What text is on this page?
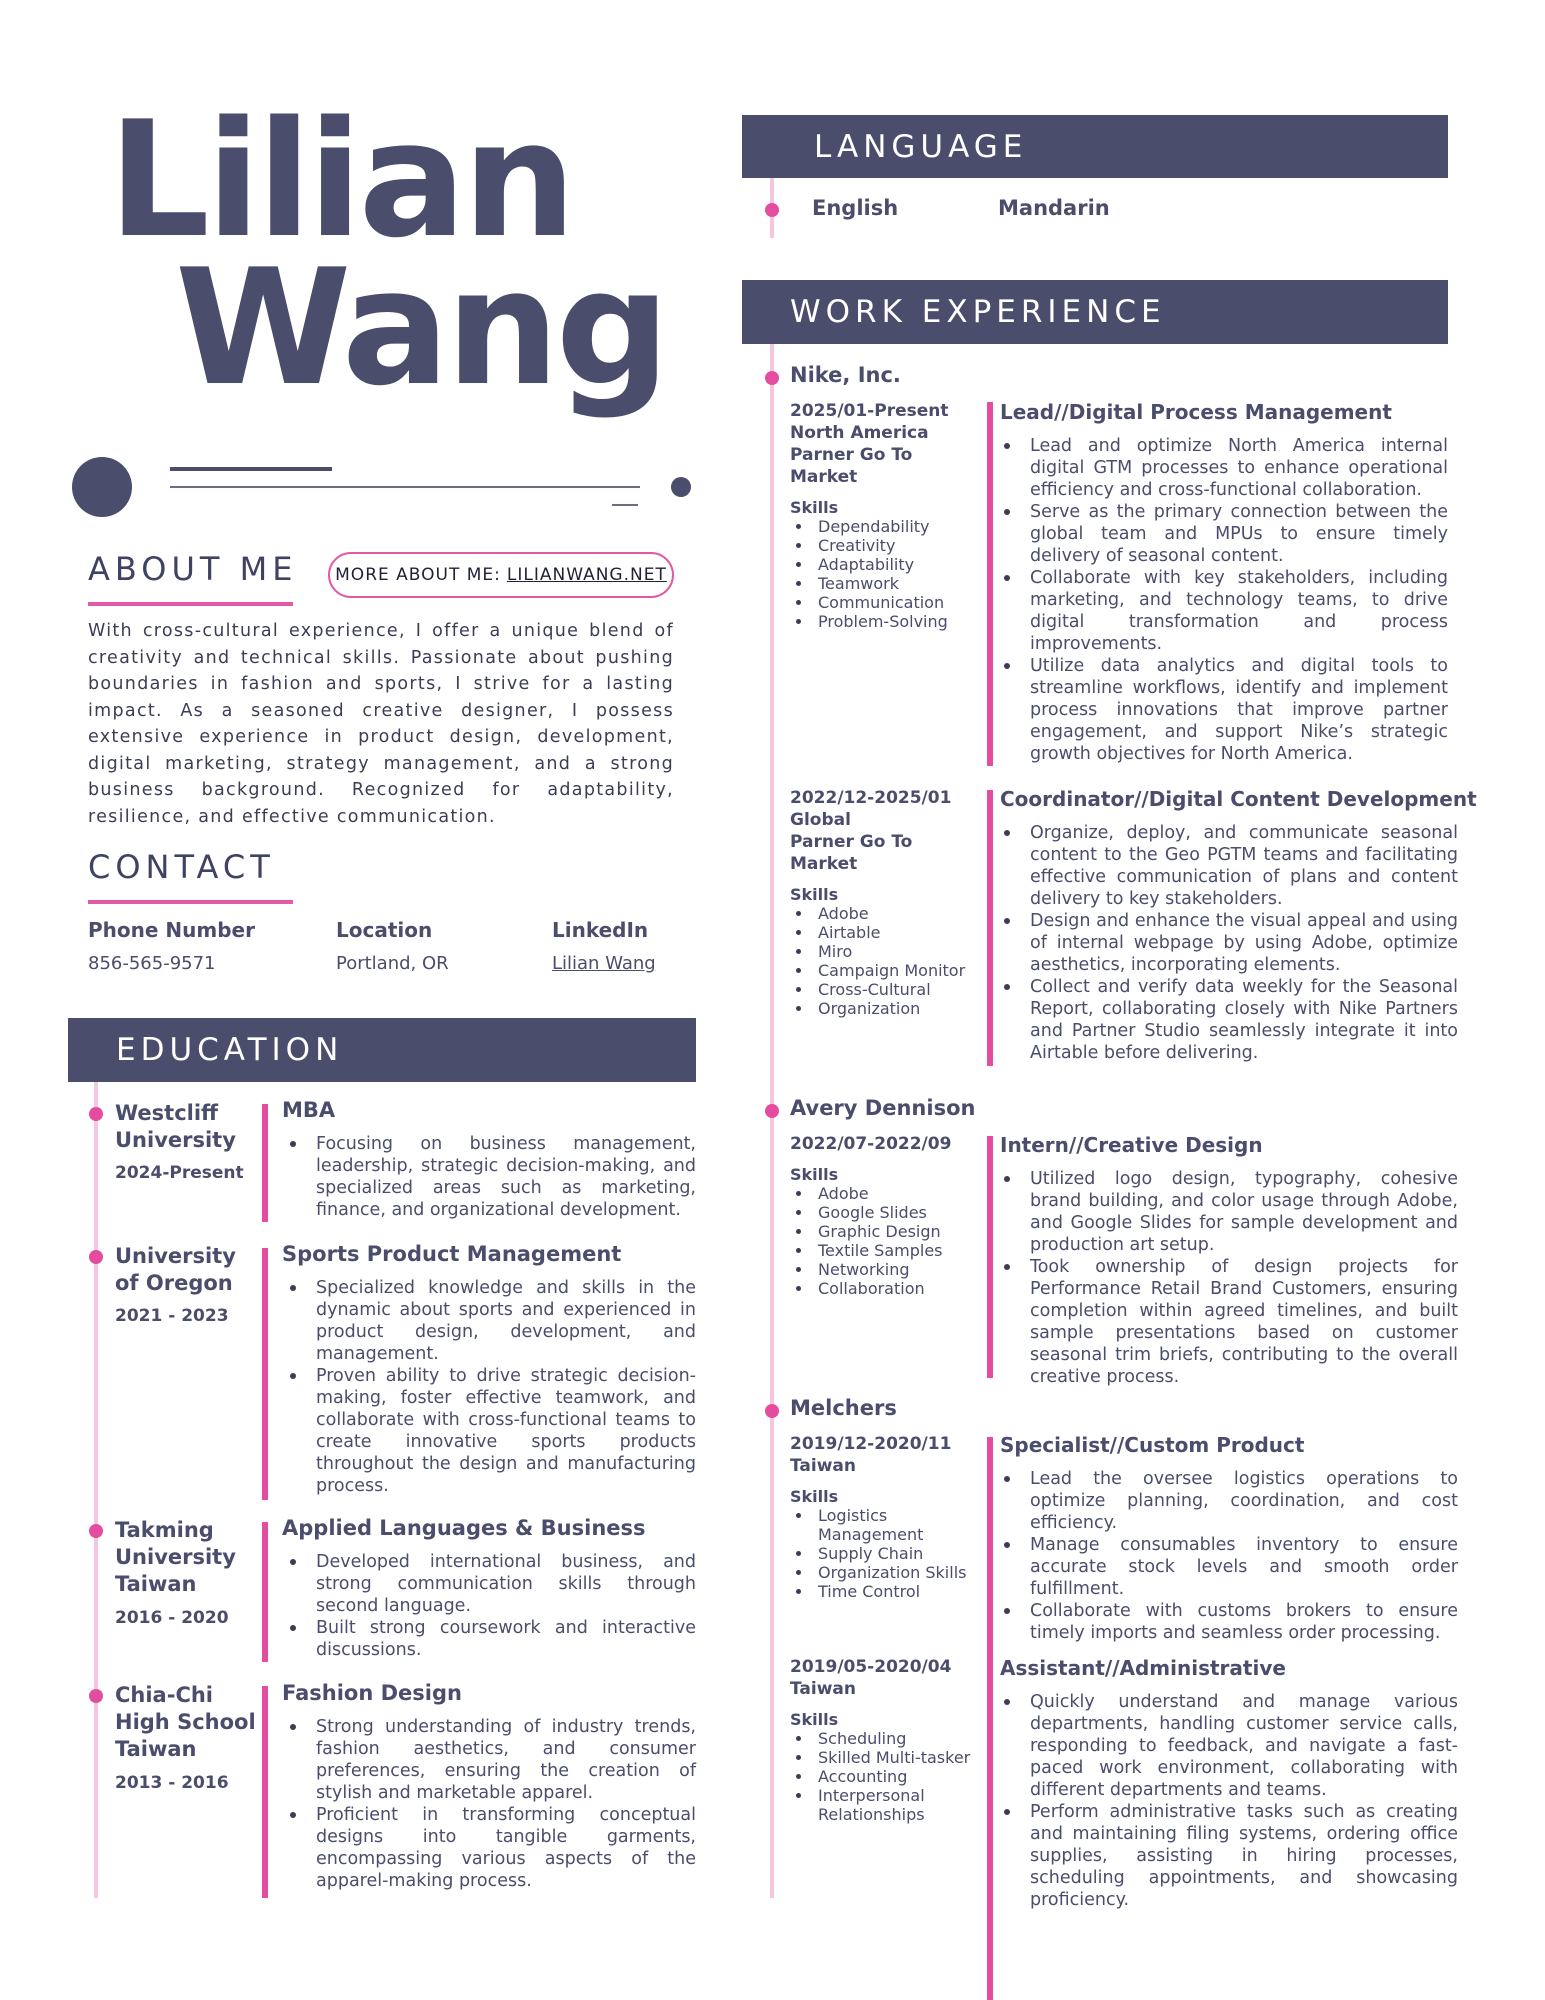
Lilian
Wang
ABOUT ME MORE ABOUT ME: LILIANWANG.NET
With cross-cultural experience, I offer a unique blend of creativity and technical skills. Passionate about pushing boundaries in fashion and sports, I strive for a lasting impact. As a seasoned creative designer, I possess extensive experience in product design, development, digital marketing, strategy management, and a strong business background. Recognized for adaptability, resilience, and effective communication.
CONTACT
Phone Number
856-565-9571
Location
Portland, OR
LinkedIn
Lilian Wang
EDUCATION
Westcliff University
2024-Present
MBA
Focusing on business management, leadership, strategic decision-making, and specialized areas such as marketing, finance, and organizational development.
University of Oregon
2021 - 2023
Sports Product Management
Specialized knowledge and skills in the dynamic about sports and experienced in product design, development, and management.
Proven ability to drive strategic decision-making, foster effective teamwork, and collaborate with cross-functional teams to create innovative sports products throughout the design and manufacturing process.
Takming University Taiwan
2016 - 2020
Applied Languages & Business
Developed international business, and strong communication skills through second language.
Built strong coursework and interactive discussions.
Chia-Chi High School Taiwan
2013 - 2016
Fashion Design
Strong understanding of industry trends, fashion aesthetics, and consumer preferences, ensuring the creation of stylish and marketable apparel.
Proficient in transforming conceptual designs into tangible garments, encompassing various aspects of the apparel-making process.
LANGUAGE
English	Mandarin
WORK EXPERIENCE
Nike, Inc.
2025/01-Present
North America
Parner Go To Market
Skills
Dependability
Creativity
Adaptability
Teamwork
Communication
Problem-Solving
Lead//Digital Process Management
Lead and optimize North America internal digital GTM processes to enhance operational efficiency and cross-functional collaboration.
Serve as the primary connection between the global team and MPUs to ensure timely delivery of seasonal content.
Collaborate with key stakeholders, including marketing, and technology teams, to drive digital transformation and process improvements.
Utilize data analytics and digital tools to streamline workflows, identify and implement process innovations that improve partner engagement, and support Nike’s strategic growth objectives for North America.
2022/12-2025/01
Global
Parner Go To Market
Skills
Adobe
Airtable
Miro
Campaign Monitor
Cross-Cultural
Organization
Coordinator//Digital Content Development
Organize, deploy, and communicate seasonal content to the Geo PGTM teams and facilitating effective communication of plans and content delivery to key stakeholders.
Design and enhance the visual appeal and using of internal webpage by using Adobe, optimize aesthetics, incorporating elements.
Collect and verify data weekly for the Seasonal Report, collaborating closely with Nike Partners and Partner Studio seamlessly integrate it into Airtable before delivering.
Avery Dennison
2022/07-2022/09
Skills
Adobe
Google Slides
Graphic Design
Textile Samples
Networking
Collaboration
Intern//Creative Design
Utilized logo design, typography, cohesive brand building, and color usage through Adobe, and Google Slides for sample development and production art setup.
Took ownership of design projects for Performance Retail Brand Customers, ensuring completion within agreed timelines, and built sample presentations based on customer seasonal trim briefs, contributing to the overall creative process.
Melchers
2019/12-2020/11
Taiwan
Skills
Logistics Management
Supply Chain
Organization Skills
Time Control
Specialist//Custom Product
Lead the oversee logistics operations to optimize planning, coordination, and cost efficiency.
Manage consumables inventory to ensure accurate stock levels and smooth order fulfillment.
Collaborate with customs brokers to ensure timely imports and seamless order processing.
2019/05-2020/04
Taiwan
Skills
Scheduling
Skilled Multi-tasker
Accounting
Interpersonal Relationships
Assistant//Administrative
Quickly understand and manage various departments, handling customer service calls, responding to feedback, and navigate a fast-paced work environment, collaborating with different departments and teams.
Perform administrative tasks such as creating and maintaining filing systems, ordering office supplies, assisting in hiring processes, scheduling appointments, and showcasing proficiency.
